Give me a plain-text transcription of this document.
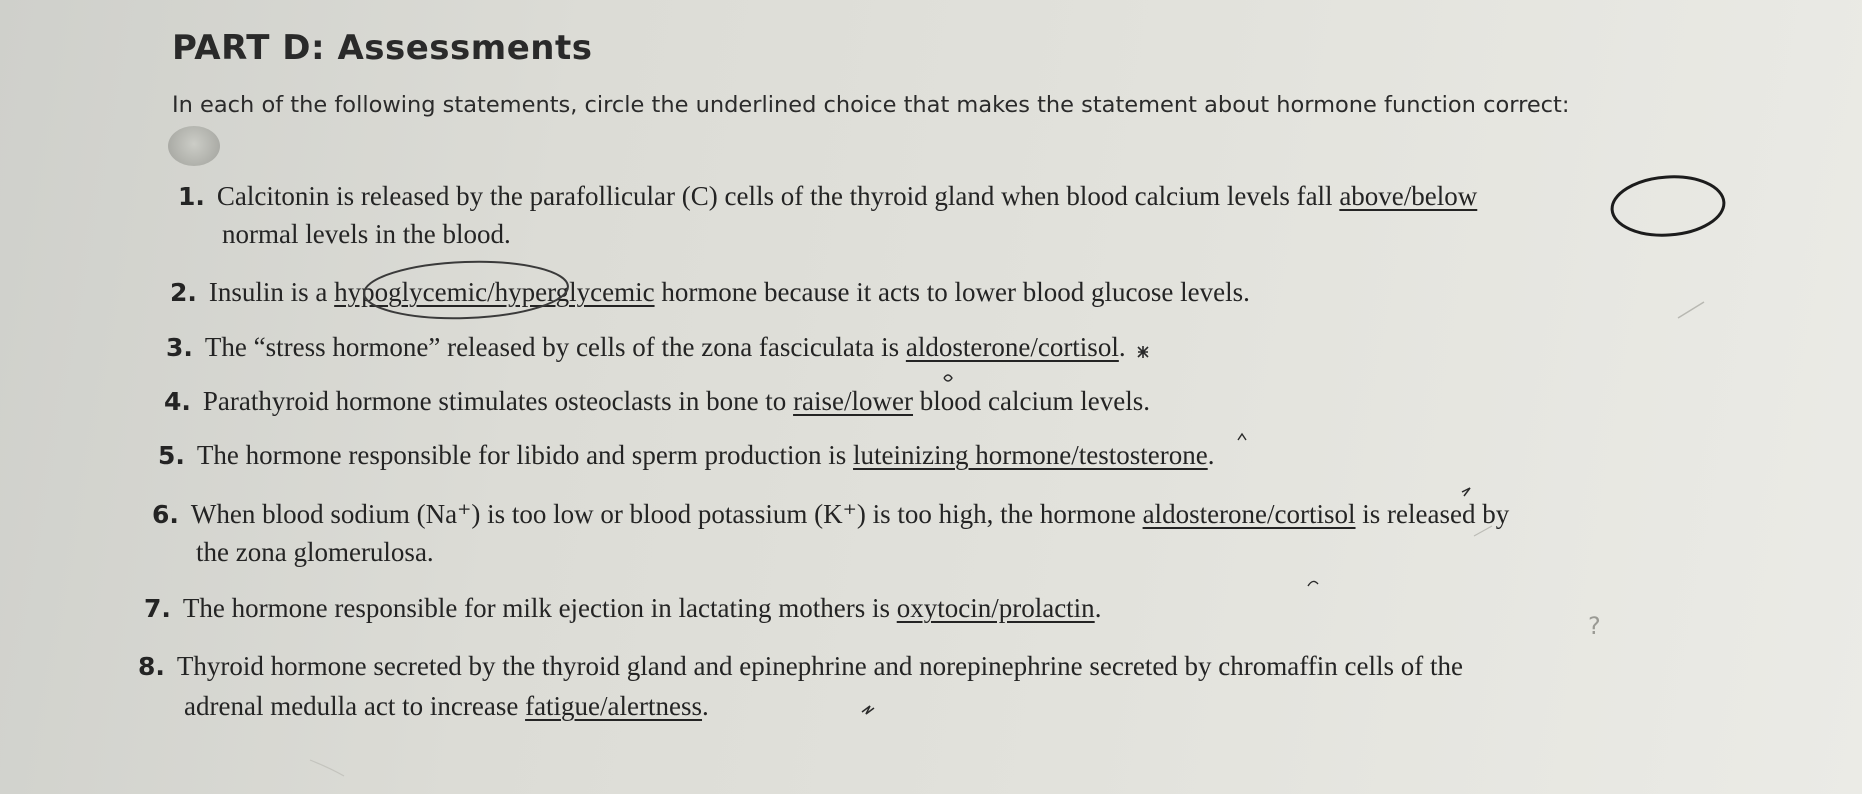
PART D: Assessments
In each of the following statements, circle the underlined choice that makes the statement about hormone function correct:
1. Calcitonin is released by the parafollicular (C) cells of the thyroid gland when blood calcium levels fall above/below
normal levels in the blood.
2. Insulin is a hypoglycemic/hyperglycemic hormone because it acts to lower blood glucose levels.
3. The “stress hormone” released by cells of the zona fasciculata is aldosterone/cortisol.
4. Parathyroid hormone stimulates osteoclasts in bone to raise/lower blood calcium levels.
5. The hormone responsible for libido and sperm production is luteinizing hormone/testosterone.
6. When blood sodium (Na⁺) is too low or blood potassium (K⁺) is too high, the hormone aldosterone/cortisol is released by
the zona glomerulosa.
7. The hormone responsible for milk ejection in lactating mothers is oxytocin/prolactin.
8. Thyroid hormone secreted by the thyroid gland and epinephrine and norepinephrine secreted by chromaffin cells of the
adrenal medulla act to increase fatigue/alertness.
?
